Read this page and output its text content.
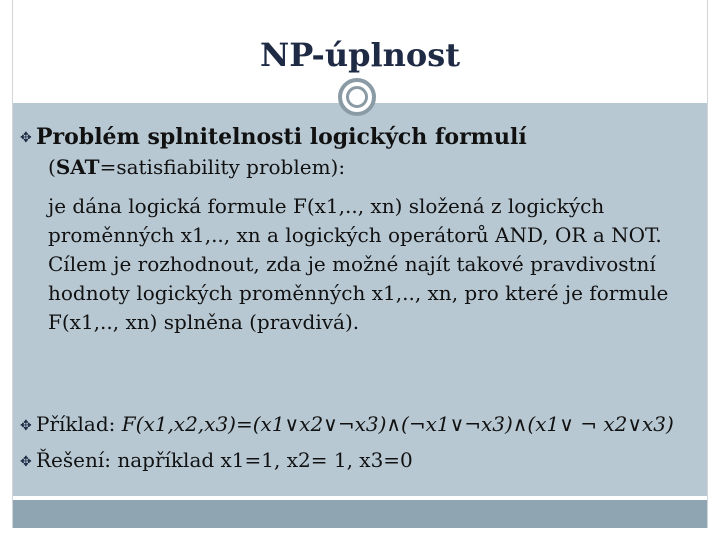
NP-úplnost
✥ Problém splnitelnosti logických formulí
(SAT=satisfiability problem):
je dána logická formule F(x1,.., xn) složená z logických
proměnných x1,.., xn a logických operátorů AND, OR a NOT.
Cílem je rozhodnout, zda je možné najít takové pravdivostní
hodnoty logických proměnných x1,.., xn, pro které je formule
F(x1,.., xn) splněna (pravdivá).
✥ Příklad: F(x1,x2,x3)=(x1∨x2∨¬x3)∧(¬x1∨¬x3)∧(x1∨ ¬ x2∨x3)
✥ Řešení: například x1=1, x2= 1, x3=0
